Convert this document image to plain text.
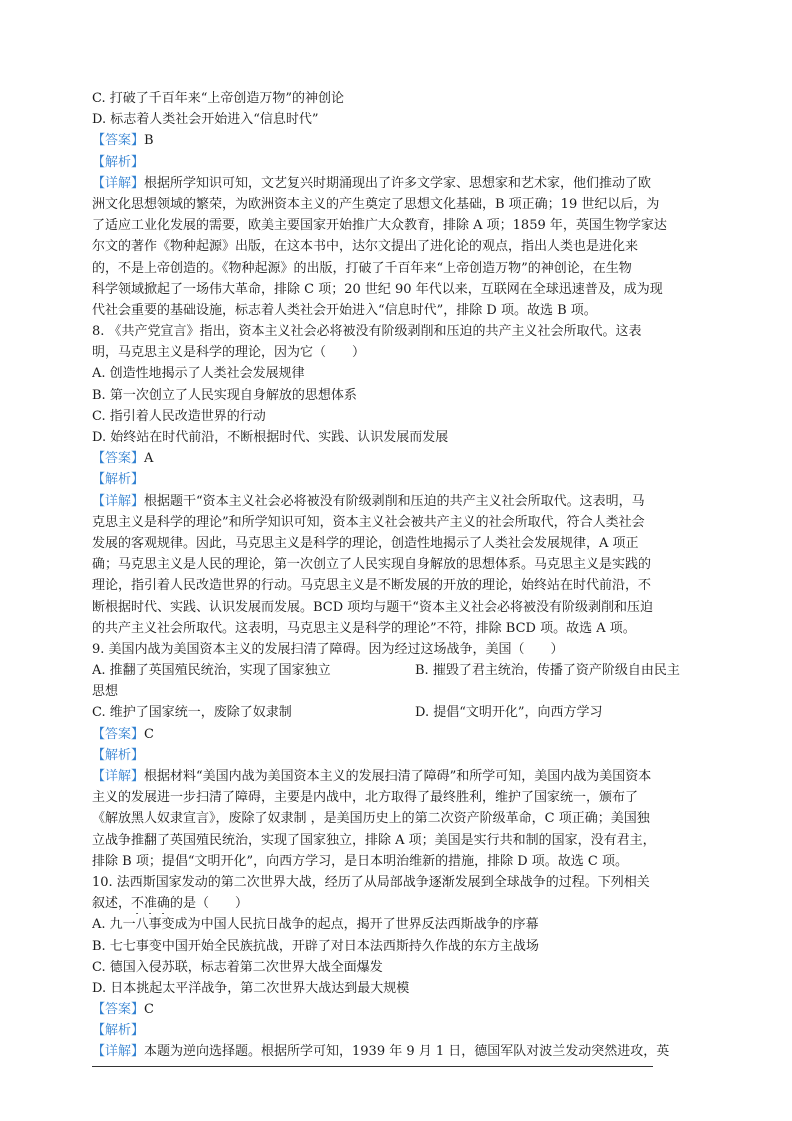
C. 打破了千百年来“上帝创造万物”的神创论
D. 标志着人类社会开始进入“信息时代”
【答案】B
【解析】
【详解】根据所学知识可知，文艺复兴时期涌现出了许多文学家、思想家和艺术家，他们推动了欧
洲文化思想领域的繁荣，为欧洲资本主义的产生奠定了思想文化基础，B 项正确；19 世纪以后，为
了适应工业化发展的需要，欧美主要国家开始推广大众教育，排除 A 项；1859 年，英国生物学家达
尔文的著作《物种起源》出版，在这本书中，达尔文提出了进化论的观点，指出人类也是进化来
的，不是上帝创造的。《物种起源》的出版，打破了千百年来“上帝创造万物”的神创论，在生物
科学领域掀起了一场伟大革命，排除 C 项；20 世纪 90 年代以来，互联网在全球迅速普及，成为现
代社会重要的基础设施，标志着人类社会开始进入“信息时代”，排除 D 项。故选 B 项。
8. 《共产党宣言》指出，资本主义社会必将被没有阶级剥削和压迫的共产主义社会所取代。这表
明，马克思主义是科学的理论，因为它（　　）
A. 创造性地揭示了人类社会发展规律
B. 第一次创立了人民实现自身解放的思想体系
C. 指引着人民改造世界的行动
D. 始终站在时代前沿，不断根据时代、实践、认识发展而发展
【答案】A
【解析】
【详解】根据题干“资本主义社会必将被没有阶级剥削和压迫的共产主义社会所取代。这表明，马
克思主义是科学的理论”和所学知识可知，资本主义社会被共产主义的社会所取代，符合人类社会
发展的客观规律。因此，马克思主义是科学的理论，创造性地揭示了人类社会发展规律，A 项正
确；马克思主义是人民的理论，第一次创立了人民实现自身解放的思想体系。马克思主义是实践的
理论，指引着人民改造世界的行动。马克思主义是不断发展的开放的理论，始终站在时代前沿，不
断根据时代、实践、认识发展而发展。BCD 项均与题干“资本主义社会必将被没有阶级剥削和压迫
的共产主义社会所取代。这表明，马克思主义是科学的理论”不符，排除 BCD 项。故选 A 项。
9. 美国内战为美国资本主义的发展扫清了障碍。因为经过这场战争，美国（　　）
A. 推翻了英国殖民统治，实现了国家独立	B. 摧毁了君主统治，传播了资产阶级自由民主
思想
C. 维护了国家统一，废除了奴隶制	D. 提倡“文明开化”，向西方学习
【答案】C
【解析】
【详解】根据材料“美国内战为美国资本主义的发展扫清了障碍”和所学可知，美国内战为美国资本
主义的发展进一步扫清了障碍，主要是内战中，北方取得了最终胜利，维护了国家统一，颁布了
《解放黑人奴隶宣言》，废除了奴隶制 ，是美国历史上的第二次资产阶级革命，C 项正确；美国独
立战争推翻了英国殖民统治，实现了国家独立，排除 A 项；美国是实行共和制的国家，没有君主，
排除 B 项；提倡“文明开化”，向西方学习，是日本明治维新的措施，排除 D 项。故选 C 项。
10. 法西斯国家发动的第二次世界大战，经历了从局部战争逐渐发展到全球战争的过程。下列相关
叙述，不准确的是（　　）
A. 九一八事变成为中国人民抗日战争的起点，揭开了世界反法西斯战争的序幕
B. 七七事变中国开始全民族抗战，开辟了对日本法西斯持久作战的东方主战场
C. 德国入侵苏联，标志着第二次世界大战全面爆发
D. 日本挑起太平洋战争，第二次世界大战达到最大规模
【答案】C
【解析】
【详解】本题为逆向选择题。根据所学可知，1939 年 9 月 1 日，德国军队对波兰发动突然进攻，英
